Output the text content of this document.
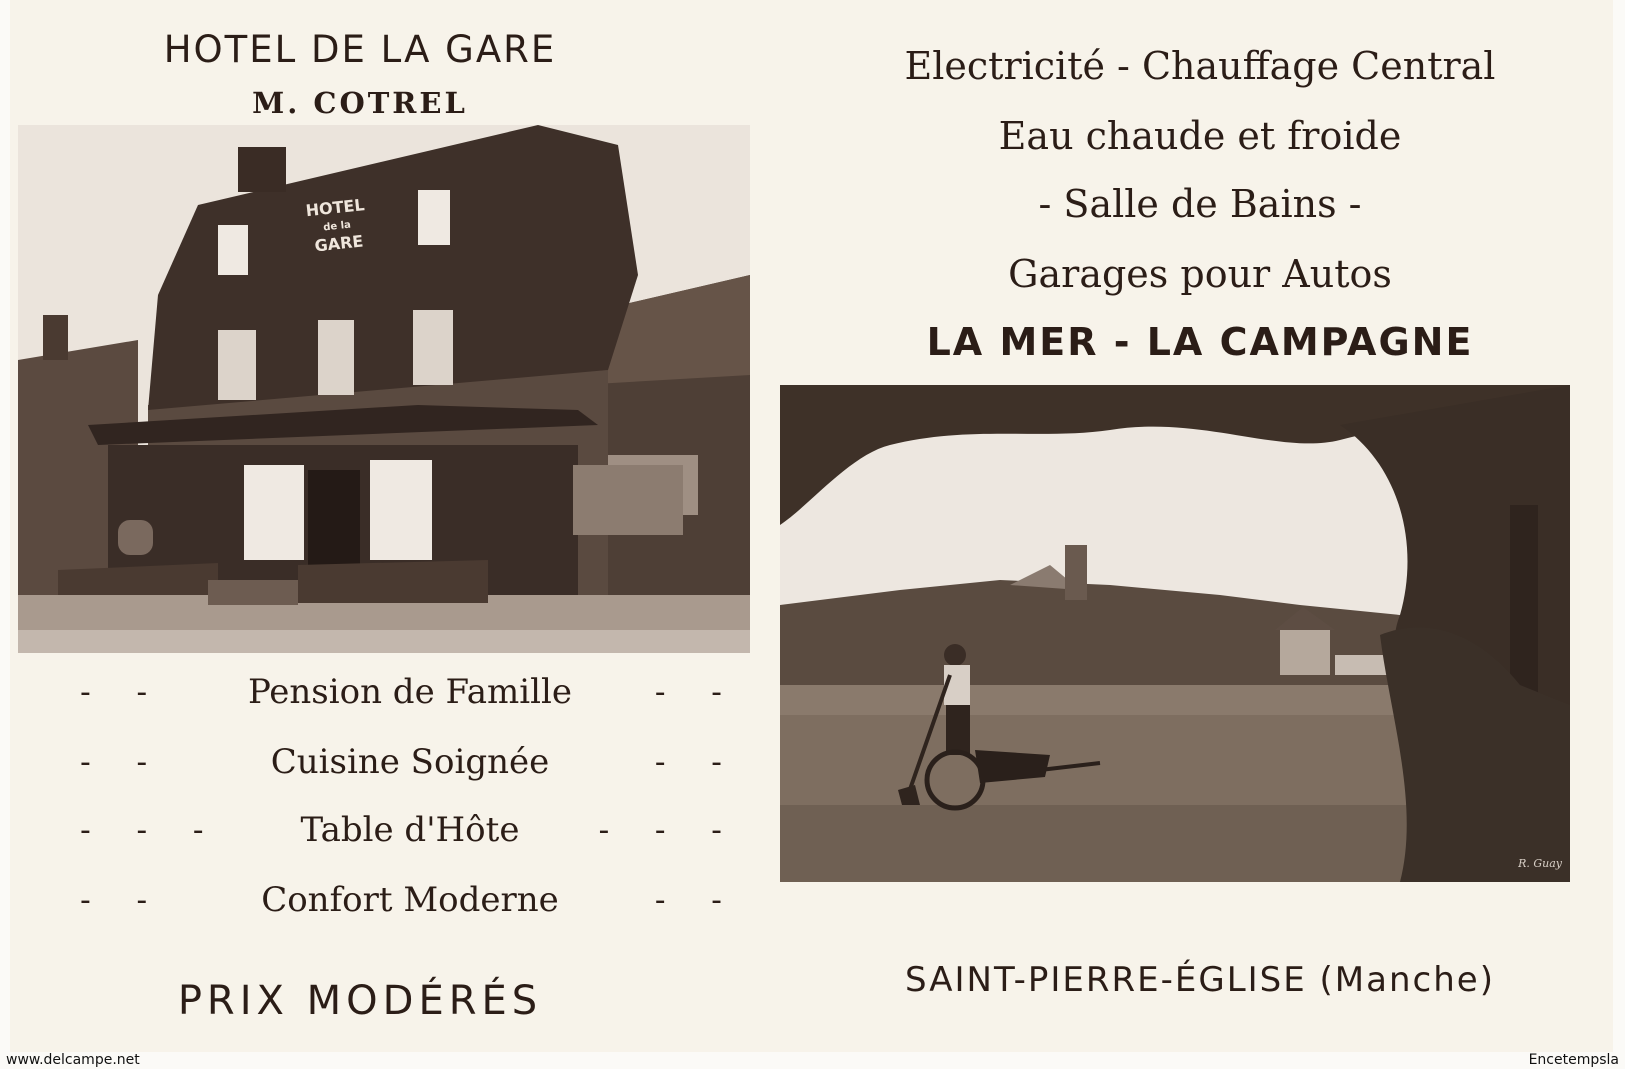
HOTEL DE LA GARE
M. COTREL
Electricité - Chauffage Central
Eau chaude et froide
- Salle de Bains -
Garages pour Autos
LA MER - LA CAMPAGNE
HOTEL
de la
GARE
R. Guay
- - Pension de Famille	- -
- -	Cuisine Soignée	- -
- - - Table d'Hôte	- - -
- -	Confort Moderne	- -
PRIX MODÉRÉS	SAINT-PIERRE-ÉGLISE (Manche)
www.delcampe.net	Encetempsla
